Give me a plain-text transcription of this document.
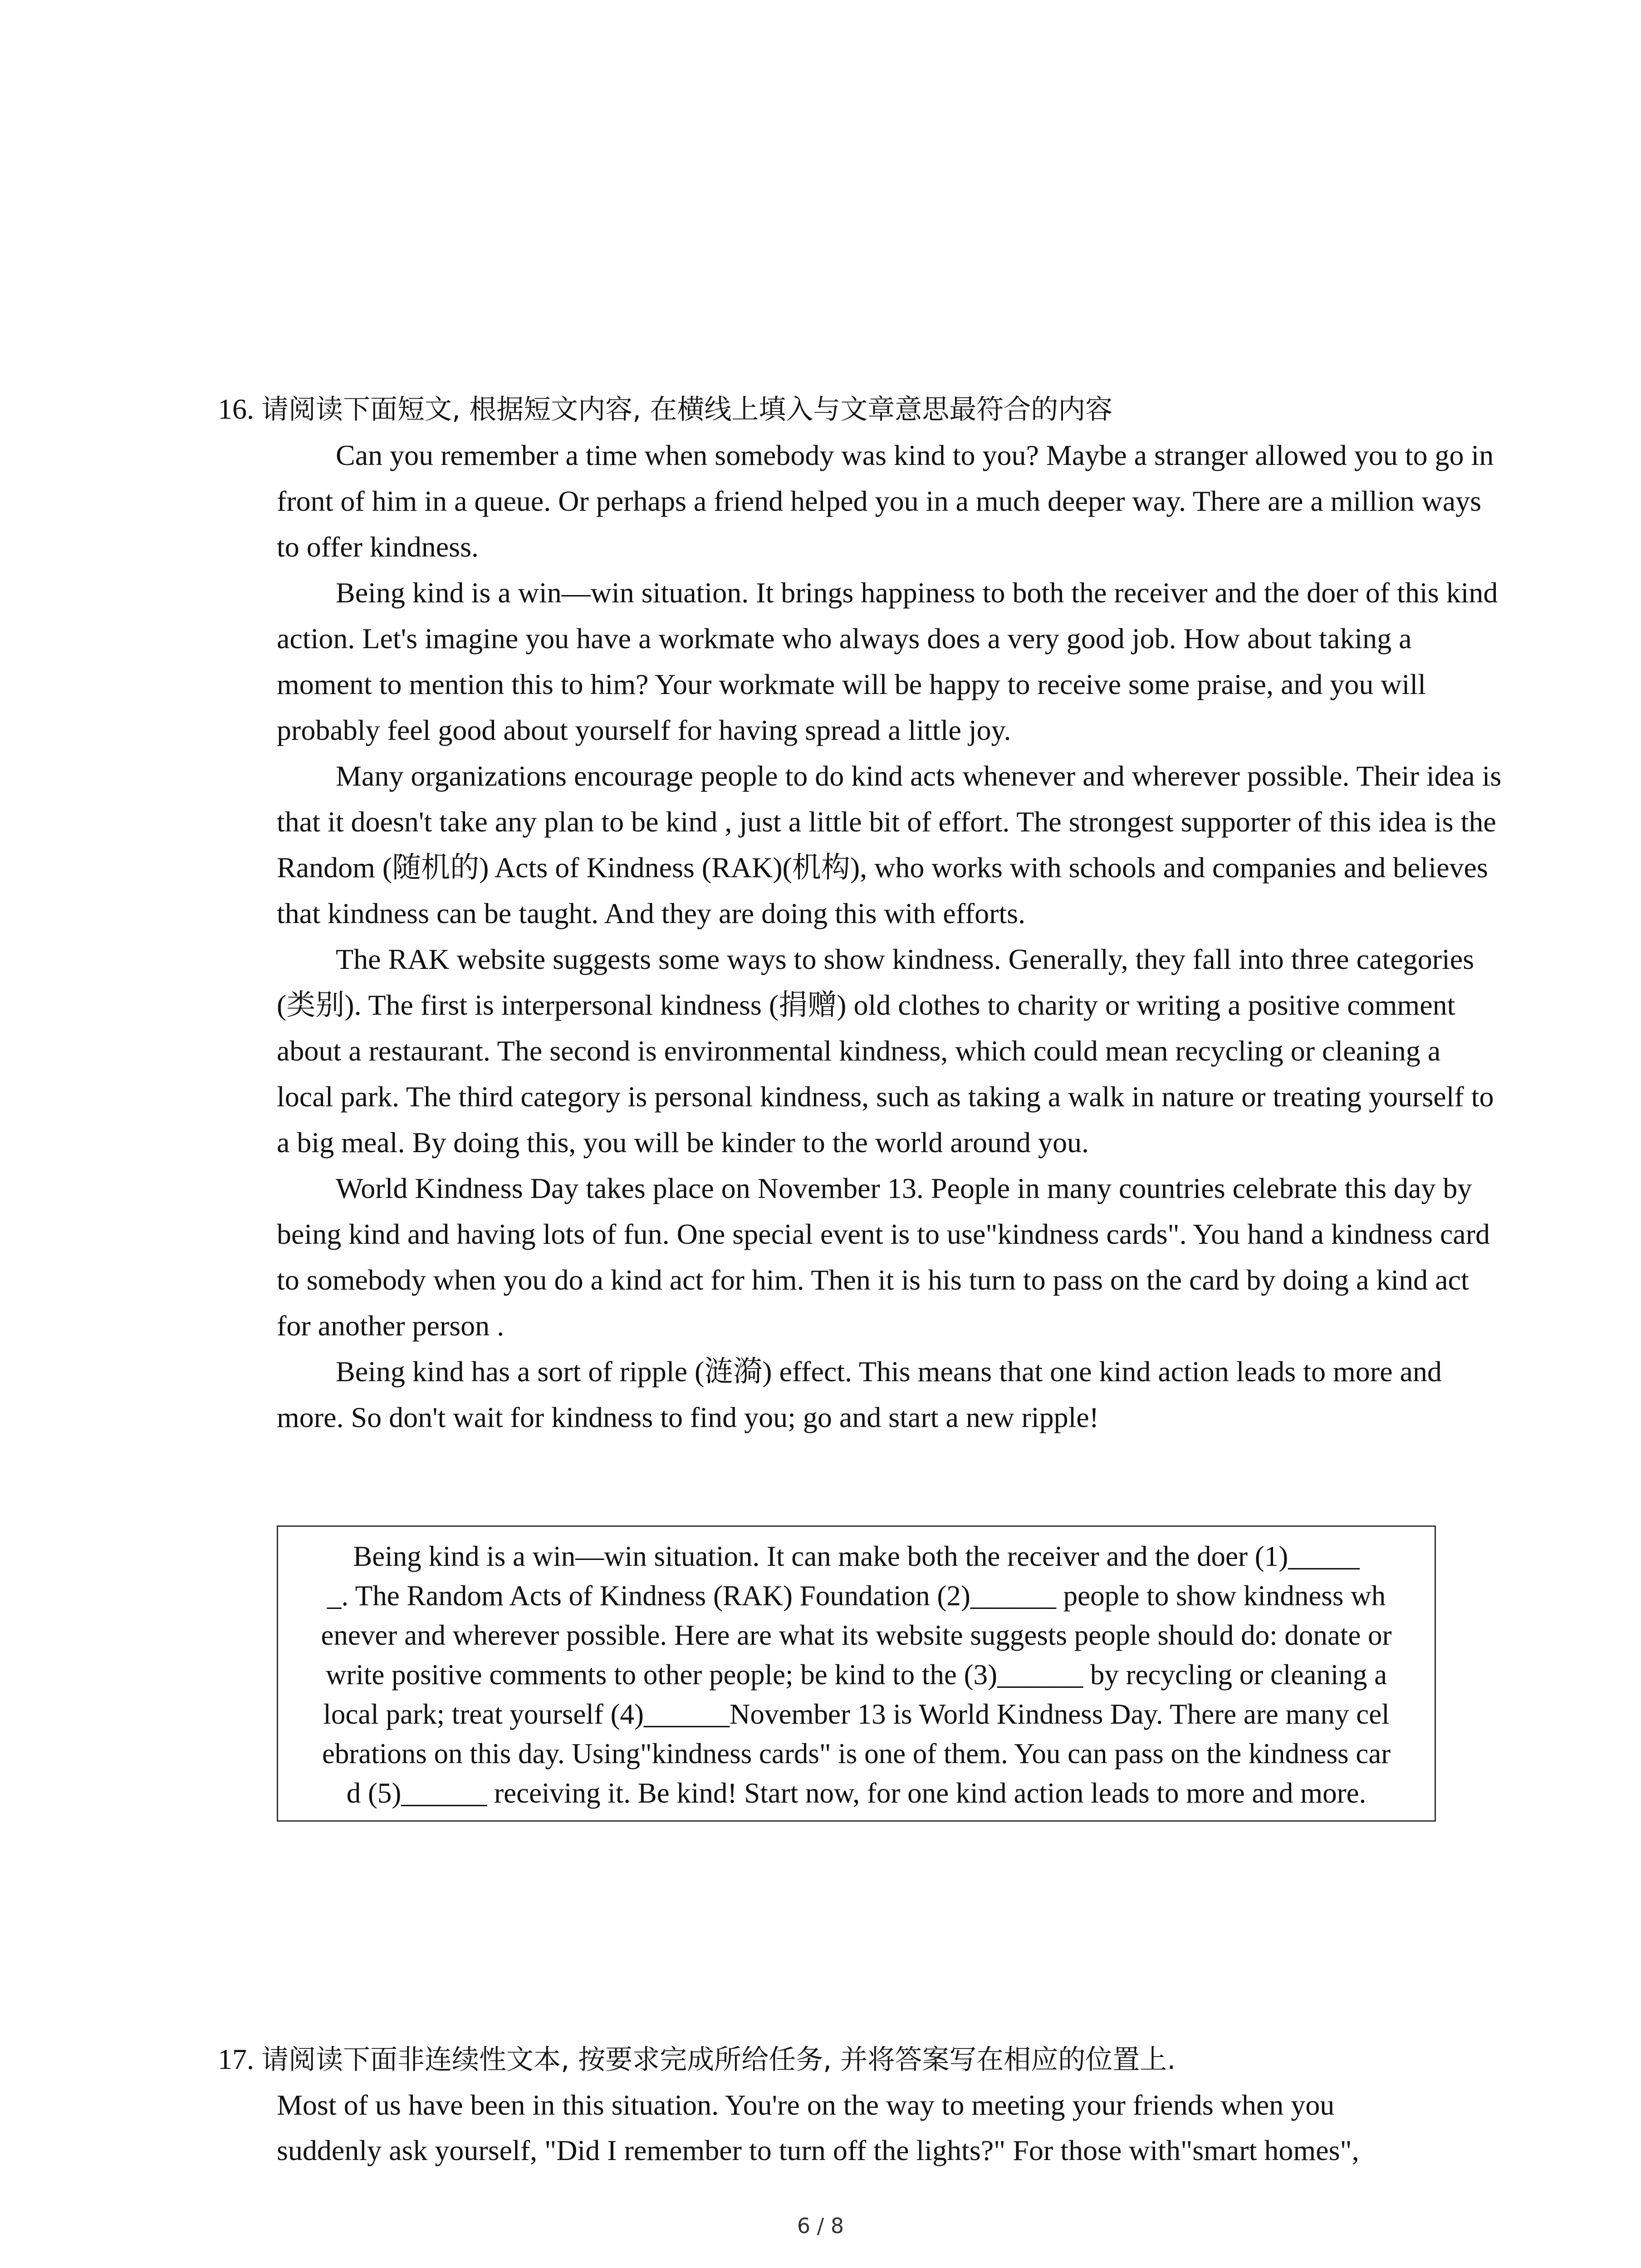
16. 请阅读下面短文, 根据短文内容, 在横线上填入与文章意思最符合的内容

Can you remember a time when somebody was kind to you? Maybe a stranger allowed you to go in front of him in a queue. Or perhaps a friend helped you in a much deeper way. There are a million ways to offer kindness.

Being kind is a win—win situation. It brings happiness to both the receiver and the doer of this kind action. Let's imagine you have a workmate who always does a very good job. How about taking a moment to mention this to him? Your workmate will be happy to receive some praise, and you will probably feel good about yourself for having spread a little joy.

Many organizations encourage people to do kind acts whenever and wherever possible. Their idea is that it doesn't take any plan to be kind , just a little bit of effort. The strongest supporter of this idea is the Random (随机的) Acts of Kindness (RAK)(机构), who works with schools and companies and believes that kindness can be taught. And they are doing this with efforts.

The RAK website suggests some ways to show kindness. Generally, they fall into three categories (类别). The first is interpersonal kindness (捐赠) old clothes to charity or writing a positive comment about a restaurant. The second is environmental kindness, which could mean recycling or cleaning a local park. The third category is personal kindness, such as taking a walk in nature or treating yourself to a big meal. By doing this, you will be kinder to the world around you.

World Kindness Day takes place on November 13. People in many countries celebrate this day by being kind and having lots of fun. One special event is to use"kindness cards". You hand a kindness card to somebody when you do a kind act for him. Then it is his turn to pass on the card by doing a kind act for another person .

Being kind has a sort of ripple (涟漪) effect. This means that one kind action leads to more and more. So don't wait for kindness to find you; go and start a new ripple!

Being kind is a win—win situation. It can make both the receiver and the doer (1)_____
_. The Random Acts of Kindness (RAK) Foundation (2)______ people to show kindness wh
enever and wherever possible. Here are what its website suggests people should do: donate or
write positive comments to other people; be kind to the (3)______ by recycling or cleaning a
local park; treat yourself (4)______November 13 is World Kindness Day. There are many cel
ebrations on this day. Using"kindness cards" is one of them. You can pass on the kindness car
d (5)______ receiving it. Be kind! Start now, for one kind action leads to more and more.
17. 请阅读下面非连续性文本, 按要求完成所给任务, 并将答案写在相应的位置上.

Most of us have been in this situation. You're on the way to meeting your friends when you

suddenly ask yourself, "Did I remember to turn off the lights?" For those with"smart homes",

6 / 8
